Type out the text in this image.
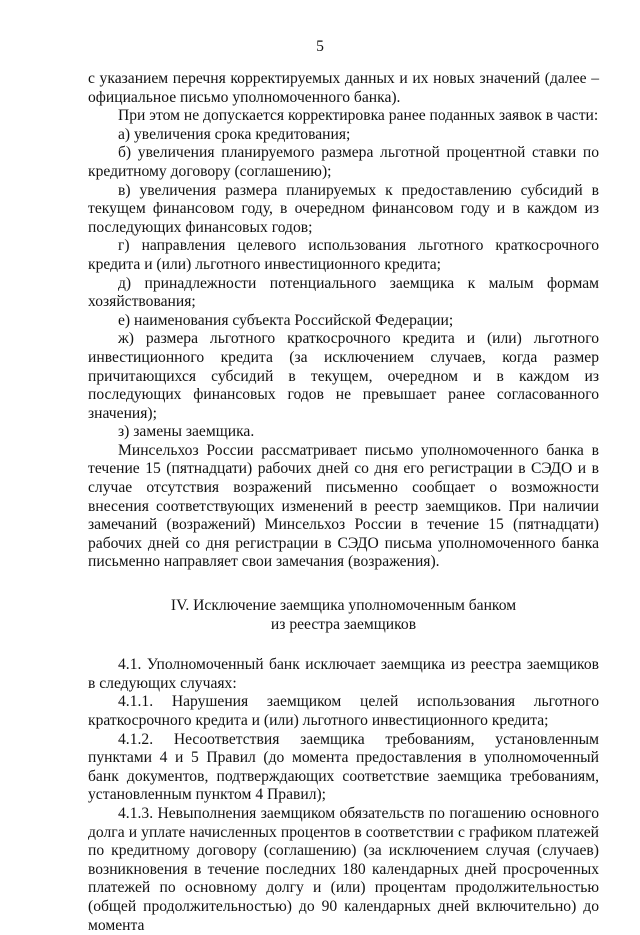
5

с указанием перечня корректируемых данных и их новых значений (далее – официальное письмо уполномоченного банка).

При этом не допускается корректировка ранее поданных заявок в части:

а) увеличения срока кредитования;

б) увеличения планируемого размера льготной процентной ставки по кредитному договору (соглашению);

в) увеличения размера планируемых к предоставлению субсидий в текущем финансовом году, в очередном финансовом году и в каждом из последующих финансовых годов;

г) направления целевого использования льготного краткосрочного кредита и (или) льготного инвестиционного кредита;

д) принадлежности потенциального заемщика к малым формам хозяйствования;

е) наименования субъекта Российской Федерации;

ж) размера льготного краткосрочного кредита и (или) льготного инвестиционного кредита (за исключением случаев, когда размер причитающихся субсидий в текущем, очередном и в каждом из последующих финансовых годов не превышает ранее согласованного значения);

з) замены заемщика.

Минсельхоз России рассматривает письмо уполномоченного банка в течение 15 (пятнадцати) рабочих дней со дня его регистрации в СЭДО и в случае отсутствия возражений письменно сообщает о возможности внесения соответствующих изменений в реестр заемщиков. При наличии замечаний (возражений) Минсельхоз России в течение 15 (пятнадцати) рабочих дней со дня регистрации в СЭДО письма уполномоченного банка письменно направляет свои замечания (возражения).

IV. Исключение заемщика уполномоченным банком
из реестра заемщиков

4.1. Уполномоченный банк исключает заемщика из реестра заемщиков в следующих случаях:

4.1.1. Нарушения заемщиком целей использования льготного краткосрочного кредита и (или) льготного инвестиционного кредита;

4.1.2. Несоответствия заемщика требованиям, установленным пунктами 4 и 5 Правил (до момента предоставления в уполномоченный банк документов, подтверждающих соответствие заемщика требованиям, установленным пунктом 4 Правил);

4.1.3. Невыполнения заемщиком обязательств по погашению основного долга и уплате начисленных процентов в соответствии с графиком платежей по кредитному договору (соглашению) (за исключением случая (случаев) возникновения в течение последних 180 календарных дней просроченных платежей по основному долгу и (или) процентам продолжительностью (общей продолжительностью) до 90 календарных дней включительно) до момента
